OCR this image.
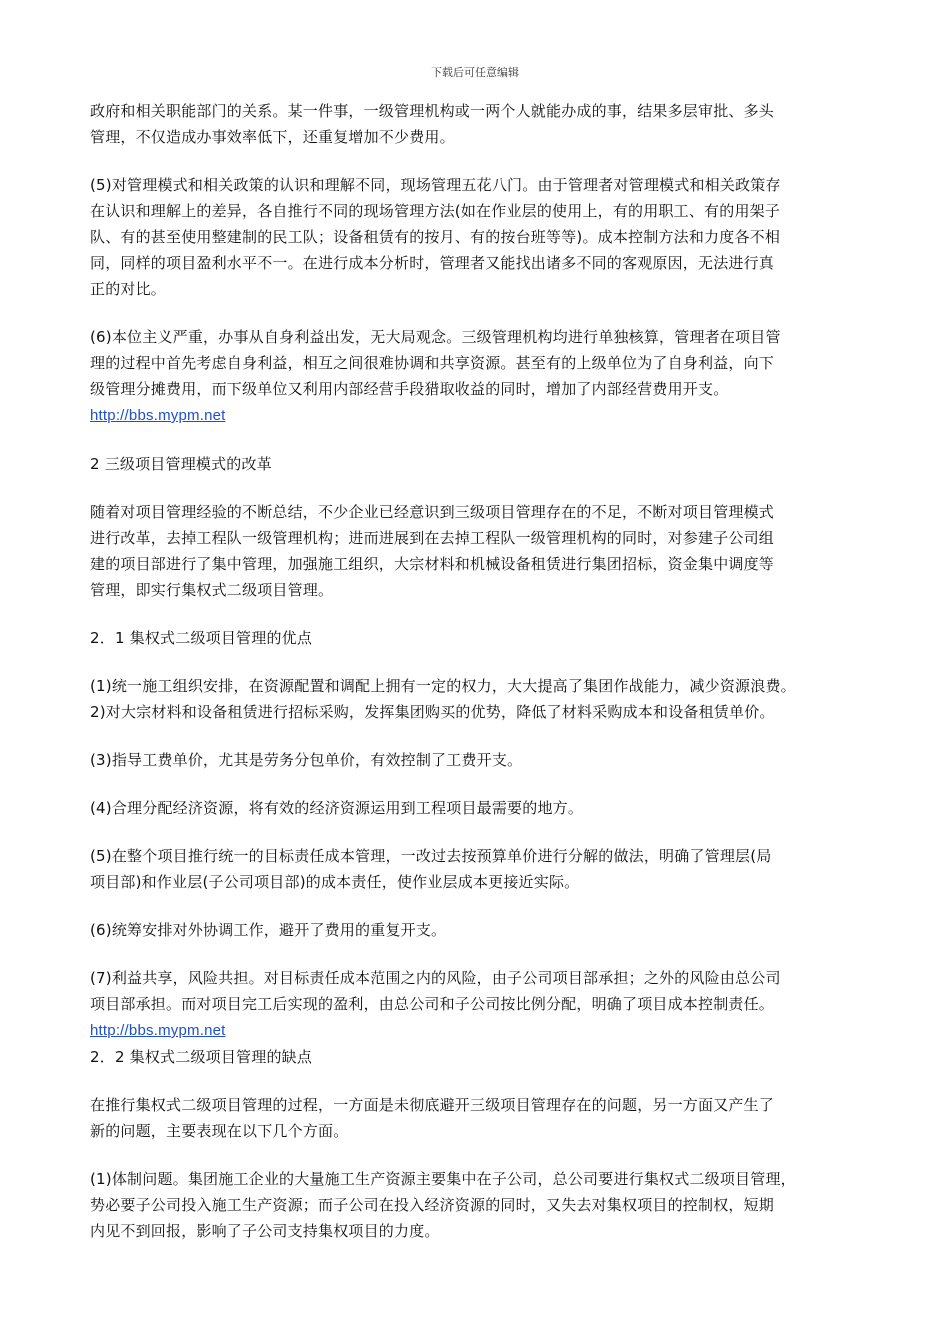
下载后可任意编辑

政府和相关职能部门的关系。某一件事，一级管理机构或一两个人就能办成的事，结果多层审批、多头

管理，不仅造成办事效率低下，还重复增加不少费用。

(5)对管理模式和相关政策的认识和理解不同，现场管理五花八门。由于管理者对管理模式和相关政策存

在认识和理解上的差异，各自推行不同的现场管理方法(如在作业层的使用上，有的用职工、有的用架子

队、有的甚至使用整建制的民工队；设备租赁有的按月、有的按台班等等)。成本控制方法和力度各不相

同，同样的项目盈利水平不一。在进行成本分析时，管理者又能找出诸多不同的客观原因，无法进行真

正的对比。

(6)本位主义严重，办事从自身利益出发，无大局观念。三级管理机构均进行单独核算，管理者在项目管

理的过程中首先考虑自身利益，相互之间很难协调和共享资源。甚至有的上级单位为了自身利益，向下

级管理分摊费用，而下级单位又利用内部经营手段猎取收益的同时，增加了内部经营费用开支。

http://bbs.mypm.net

2 三级项目管理模式的改革

随着对项目管理经验的不断总结，不少企业已经意识到三级项目管理存在的不足，不断对项目管理模式

进行改革，去掉工程队一级管理机构；进而进展到在去掉工程队一级管理机构的同时，对参建子公司组

建的项目部进行了集中管理，加强施工组织，大宗材料和机械设备租赁进行集团招标，资金集中调度等

管理，即实行集权式二级项目管理。

2．1 集权式二级项目管理的优点

(1)统一施工组织安排，在资源配置和调配上拥有一定的权力，大大提高了集团作战能力，减少资源浪费。

2)对大宗材料和设备租赁进行招标采购，发挥集团购买的优势，降低了材料采购成本和设备租赁单价。

(3)指导工费单价，尤其是劳务分包单价，有效控制了工费开支。

(4)合理分配经济资源，将有效的经济资源运用到工程项目最需要的地方。

(5)在整个项目推行统一的目标责任成本管理，一改过去按预算单价进行分解的做法，明确了管理层(局

项目部)和作业层(子公司项目部)的成本责任，使作业层成本更接近实际。

(6)统筹安排对外协调工作，避开了费用的重复开支。

(7)利益共享，风险共担。对目标责任成本范围之内的风险，由子公司项目部承担；之外的风险由总公司

项目部承担。而对项目完工后实现的盈利，由总公司和子公司按比例分配，明确了项目成本控制责任。

http://bbs.mypm.net

2．2 集权式二级项目管理的缺点

在推行集权式二级项目管理的过程，一方面是未彻底避开三级项目管理存在的问题，另一方面又产生了

新的问题，主要表现在以下几个方面。

(1)体制问题。集团施工企业的大量施工生产资源主要集中在子公司，总公司要进行集权式二级项目管理，

势必要子公司投入施工生产资源；而子公司在投入经济资源的同时，又失去对集权项目的控制权，短期

内见不到回报，影响了子公司支持集权项目的力度。
